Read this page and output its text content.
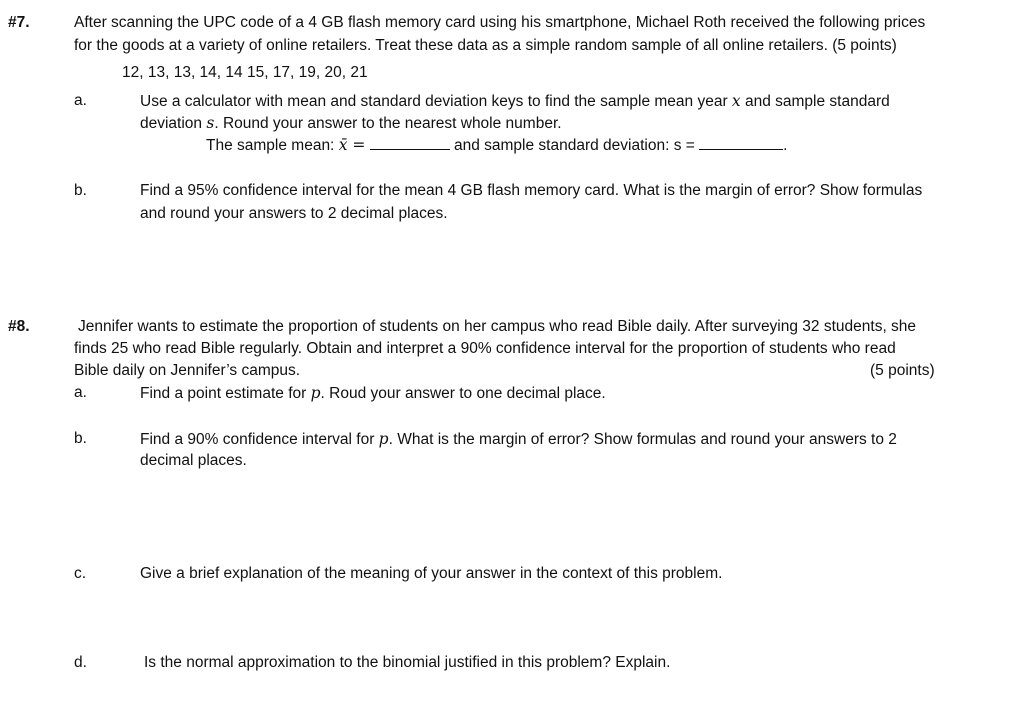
#7.	After scanning the UPC code of a 4 GB flash memory card using his smartphone, Michael Roth received the following prices
for the goods at a variety of online retailers. Treat these data as a simple random sample of all online retailers. (5 points)
12, 13, 13, 14, 14 15, 17, 19, 20, 21
a.	Use a calculator with mean and standard deviation keys to find the sample mean year x and sample standard
deviation s. Round your answer to the nearest whole number.
The sample mean: x̄ =	and sample standard deviation: s =	.
b.	Find a 95% confidence interval for the mean 4 GB flash memory card. What is the margin of error? Show formulas
and round your answers to 2 decimal places.
#8.	Jennifer wants to estimate the proportion of students on her campus who read Bible daily. After surveying 32 students, she
finds 25 who read Bible regularly. Obtain and interpret a 90% confidence interval for the proportion of students who read
Bible daily on Jennifer’s campus.	(5 points)
a.	Find a point estimate for p. Roud your answer to one decimal place.
b.	Find a 90% confidence interval for p. What is the margin of error? Show formulas and round your answers to 2
decimal places.
c.	Give a brief explanation of the meaning of your answer in the context of this problem.
d.	Is the normal approximation to the binomial justified in this problem? Explain.
